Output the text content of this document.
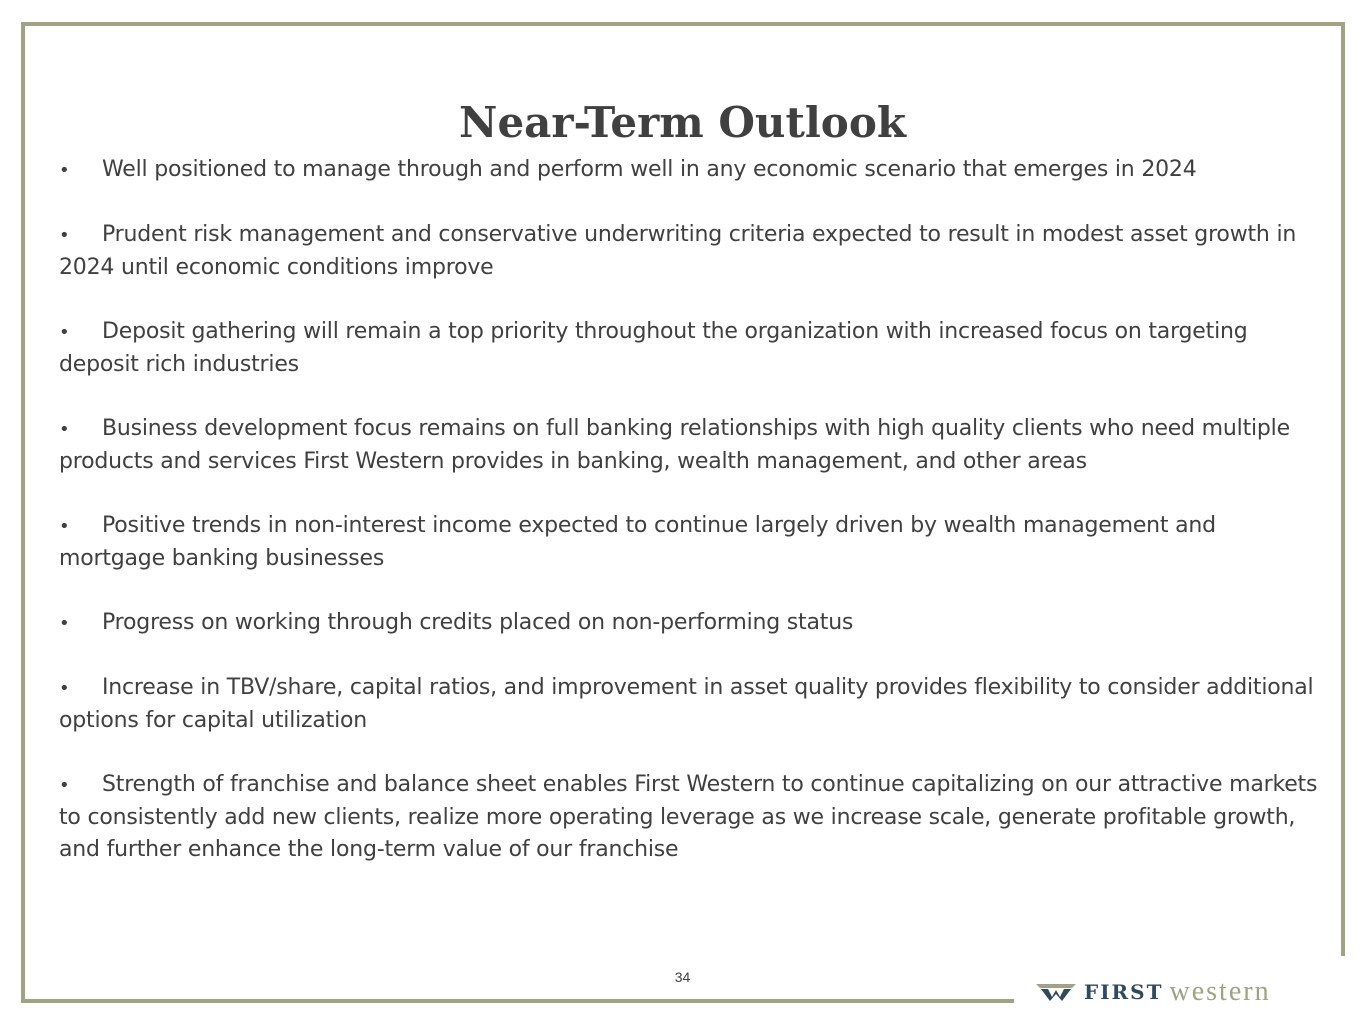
Near-Term Outlook
• Well positioned to manage through and perform well in any economic scenario that emerges in 2024
• Prudent risk management and conservative underwriting criteria expected to result in modest asset growth in 2024 until economic conditions improve
• Deposit gathering will remain a top priority throughout the organization with increased focus on targeting deposit rich industries
• Business development focus remains on full banking relationships with high quality clients who need multiple products and services First Western provides in banking, wealth management, and other areas
• Positive trends in non-interest income expected to continue largely driven by wealth management and mortgage banking businesses
• Progress on working through credits placed on non-performing status
• Increase in TBV/share, capital ratios, and improvement in asset quality provides flexibility to consider additional options for capital utilization
• Strength of franchise and balance sheet enables First Western to continue capitalizing on our attractive markets to consistently add new clients, realize more operating leverage as we increase scale, generate profitable growth, and further enhance the long-term value of our franchise
34
FIRST western
